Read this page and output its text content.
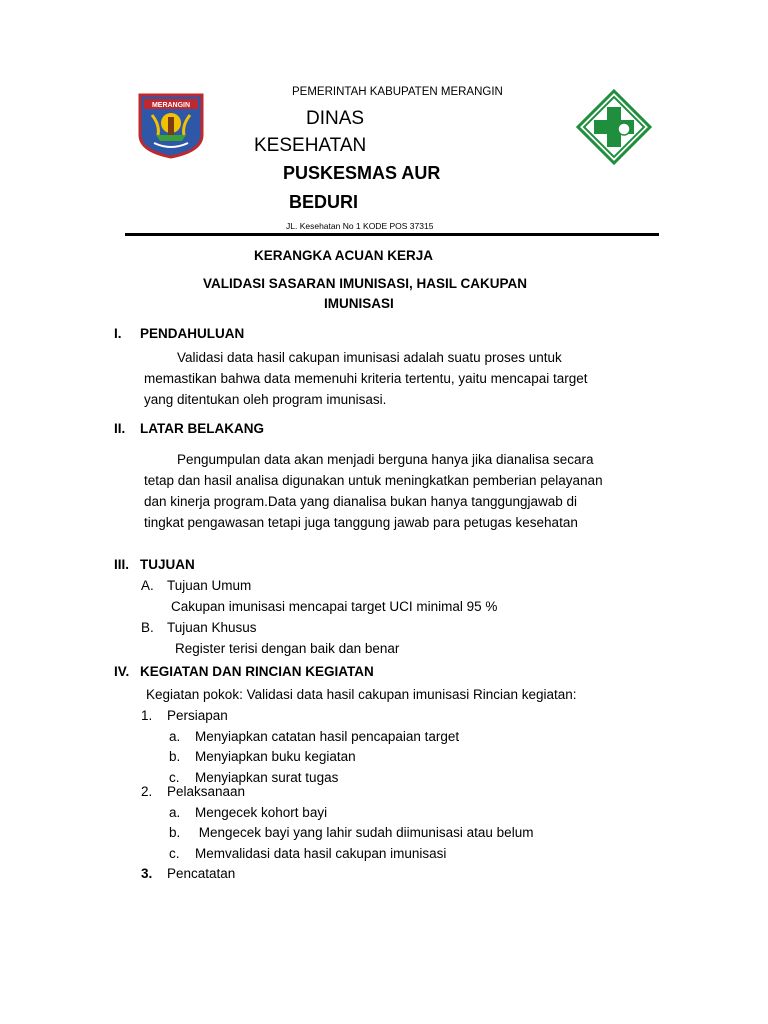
MERANGIN
PEMERINTAH KABUPATEN MERANGIN
DINAS
KESEHATAN
PUSKESMAS AUR
BEDURI
JL. Kesehatan No 1 KODE POS 37315
KERANGKA ACUAN KERJA
VALIDASI SASARAN IMUNISASI, HASIL CAKUPAN
IMUNISASI
I. PENDAHULUAN
Validasi data hasil cakupan imunisasi adalah suatu proses untuk
memastikan bahwa data memenuhi kriteria tertentu, yaitu mencapai target
yang ditentukan oleh program imunisasi.
II. LATAR BELAKANG
Pengumpulan data akan menjadi berguna hanya jika dianalisa secara
tetap dan hasil analisa digunakan untuk meningkatkan pemberian pelayanan
dan kinerja program.Data yang dianalisa bukan hanya tanggungjawab di
tingkat pengawasan tetapi juga tanggung jawab para petugas kesehatan
III. TUJUAN
A. Tujuan Umum
Cakupan imunisasi mencapai target UCI minimal 95 %
B. Tujuan Khusus
Register terisi dengan baik dan benar
IV. KEGIATAN DAN RINCIAN KEGIATAN
Kegiatan pokok: Validasi data hasil cakupan imunisasi Rincian kegiatan:
1. Persiapan
a. Menyiapkan catatan hasil pencapaian target
b. Menyiapkan buku kegiatan
c. Menyiapkan surat tugas
2. Pelaksanaan
a. Mengecek kohort bayi
b. Mengecek bayi yang lahir sudah diimunisasi atau belum
c. Memvalidasi data hasil cakupan imunisasi
3. Pencatatan
